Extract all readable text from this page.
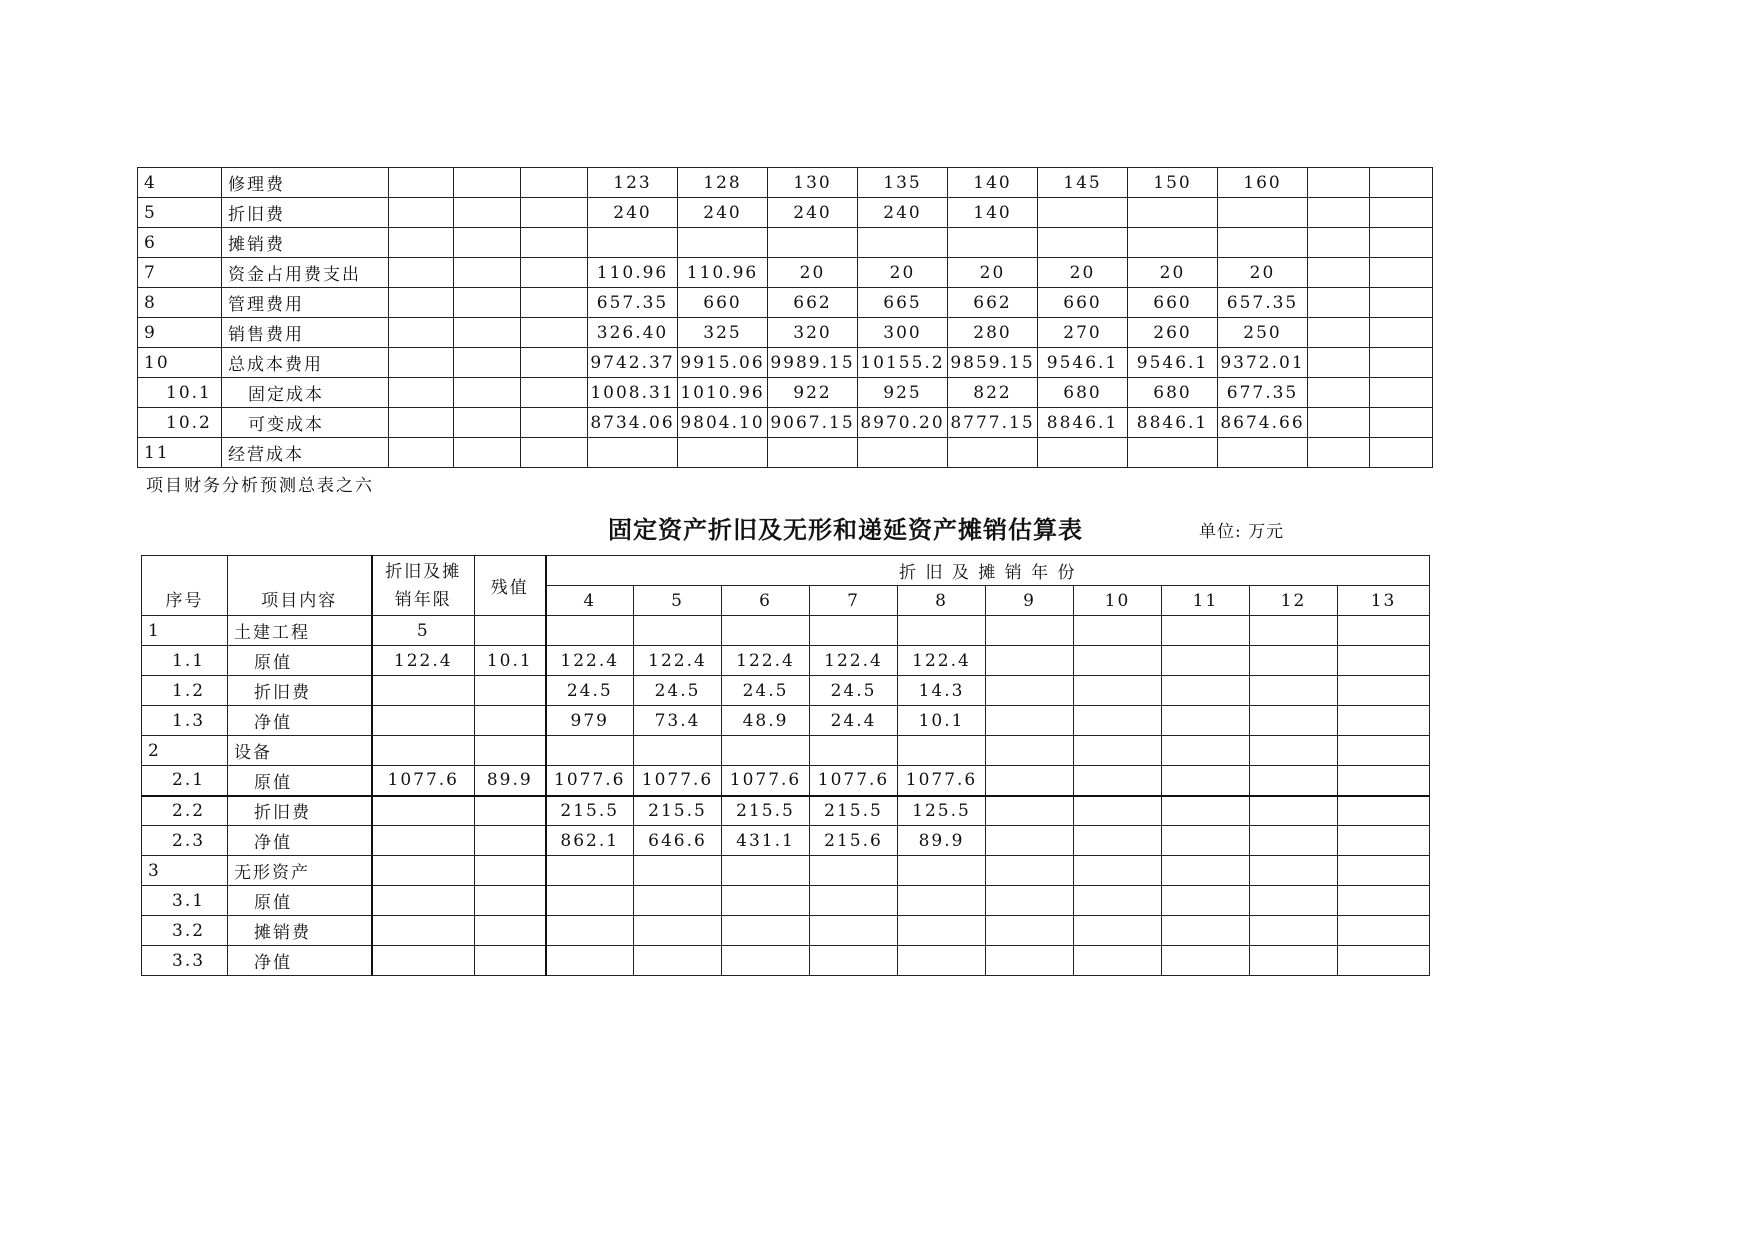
4	修理费				123	128	130	135	140	145	150	160		
5	折旧费				240	240	240	240	140					
6	摊销费													
7	资金占用费支出				110.96	110.96	20	20	20	20	20	20		
8	管理费用				657.35	660	662	665	662	660	660	657.35		
9	销售费用				326.40	325	320	300	280	270	260	250		
10	总成本费用				9742.37	9915.06	9989.15	10155.2	9859.15	9546.1	9546.1	9372.01		
10.1	固定成本				1008.31	1010.96	922	925	822	680	680	677.35		
10.2	可变成本				8734.06	9804.10	9067.15	8970.20	8777.15	8846.1	8846.1	8674.66		
11	经营成本													
项目财务分析预测总表之六
固定资产折旧及无形和递延资产摊销估算表	单位: 万元
序号	项目内容	折旧及摊
销年限	残值	折 旧 及 摊 销 年 份									
				4	5	6	7	8	9	10	11	12	13
1	土建工程	5											
1.1	原值	122.4	10.1	122.4	122.4	122.4	122.4	122.4					
1.2	折旧费			24.5	24.5	24.5	24.5	14.3					
1.3	净值			979	73.4	48.9	24.4	10.1					
2	设备												
2.1	原值	1077.6	89.9	1077.6	1077.6	1077.6	1077.6	1077.6					
2.2	折旧费			215.5	215.5	215.5	215.5	125.5					
2.3	净值			862.1	646.6	431.1	215.6	89.9					
3	无形资产												
3.1	原值												
3.2	摊销费												
3.3	净值												
